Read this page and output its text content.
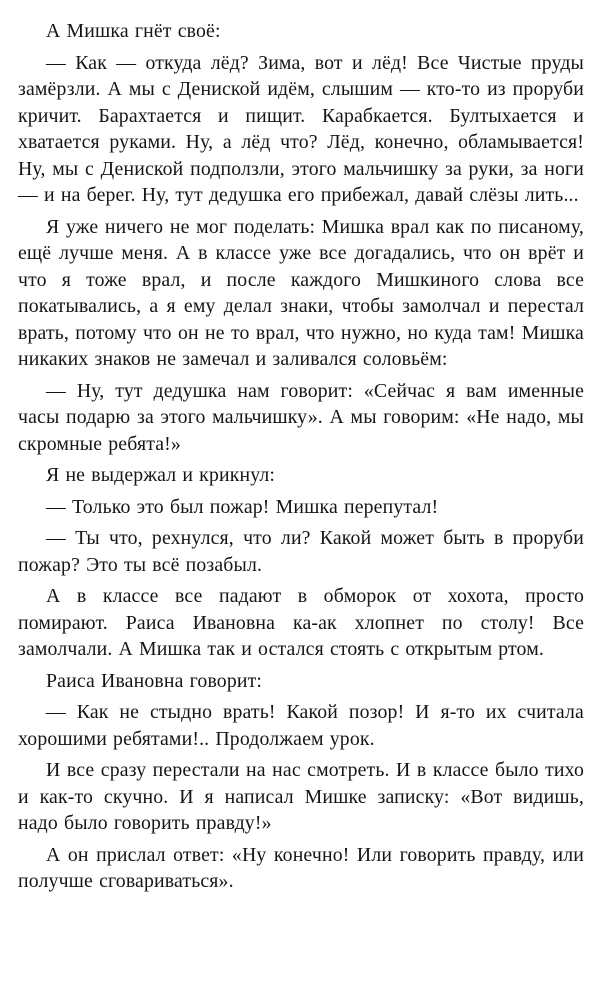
А Мишка гнёт своё:

— Как — откуда лёд? Зима, вот и лёд! Все Чистые пруды замёрзли. А мы с Дениской идём, слышим — кто-то из проруби кричит. Барахтается и пищит. Карабкается. Бултыхается и хватается руками. Ну, а лёд что? Лёд, конечно, обламывается! Ну, мы с Дениской подползли, этого мальчишку за руки, за ноги — и на берег. Ну, тут дедушка его прибежал, давай слёзы лить...

Я уже ничего не мог поделать: Мишка врал как по писаному, ещё лучше меня. А в классе уже все догадались, что он врёт и что я тоже врал, и после каждого Мишкиного слова все покатывались, а я ему делал знаки, чтобы замолчал и перестал врать, потому что он не то врал, что нужно, но куда там! Мишка никаких знаков не замечал и заливался соловьём:

— Ну, тут дедушка нам говорит: «Сейчас я вам именные часы подарю за этого мальчишку». А мы говорим: «Не надо, мы скромные ребята!»

Я не выдержал и крикнул:

— Только это был пожар! Мишка перепутал!

— Ты что, рехнулся, что ли? Какой может быть в проруби пожар? Это ты всё позабыл.

А в классе все падают в обморок от хохота, просто помирают. Раиса Ивановна ка-ак хлопнет по столу! Все замолчали. А Мишка так и остался стоять с открытым ртом.

Раиса Ивановна говорит:

— Как не стыдно врать! Какой позор! И я-то их считала хорошими ребятами!.. Продолжаем урок.

И все сразу перестали на нас смотреть. И в классе было тихо и как-то скучно. И я написал Мишке записку: «Вот видишь, надо было говорить правду!»

А он прислал ответ: «Ну конечно! Или говорить правду, или получше сговариваться».
